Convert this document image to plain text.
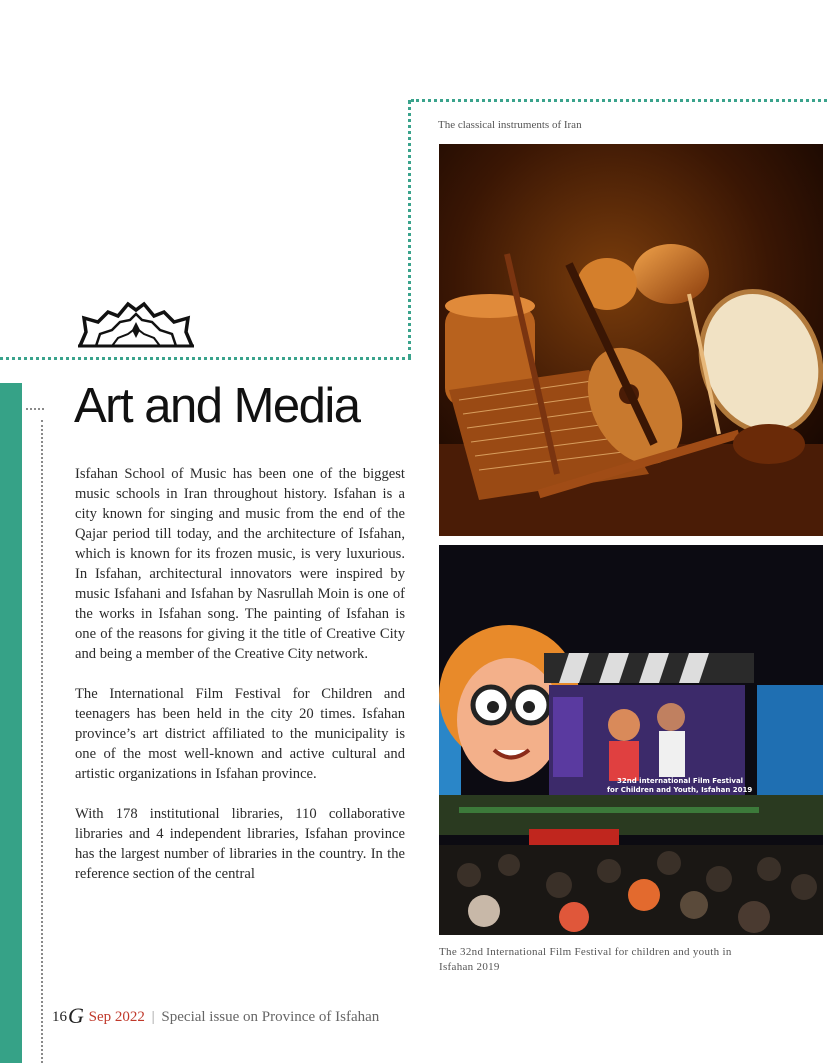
Art and Media

Isfahan School of Music has been one of the biggest music schools in Iran throughout history. Isfahan is a city known for singing and music from the end of the Qajar period till today, and the architecture of Isfahan, which is known for its frozen music, is very luxurious. In Isfahan, architectural innovators were inspired by music Isfahani and Isfahan by Nasrullah Moin is one of the works in Isfahan song. The painting of Isfahan is one of the reasons for giving it the title of Creative City and being a member of the Creative City network.

The International Film Festival for Children and teenagers has been held in the city 20 times. Isfahan province’s art district affiliated to the municipality is one of the most well-known and active cultural and artistic organizations in Isfahan province.

With 178 institutional libraries, 110 collaborative libraries and 4 independent libraries, Isfahan province has the largest number of libraries in the country. In the reference section of the central

The classical instruments of Iran
32nd international Film Festival
for Children and Youth, Isfahan 2019
The 32nd International Film Festival for children and youth in Isfahan 2019
16G Sep 2022 | Special issue on Province of Isfahan
